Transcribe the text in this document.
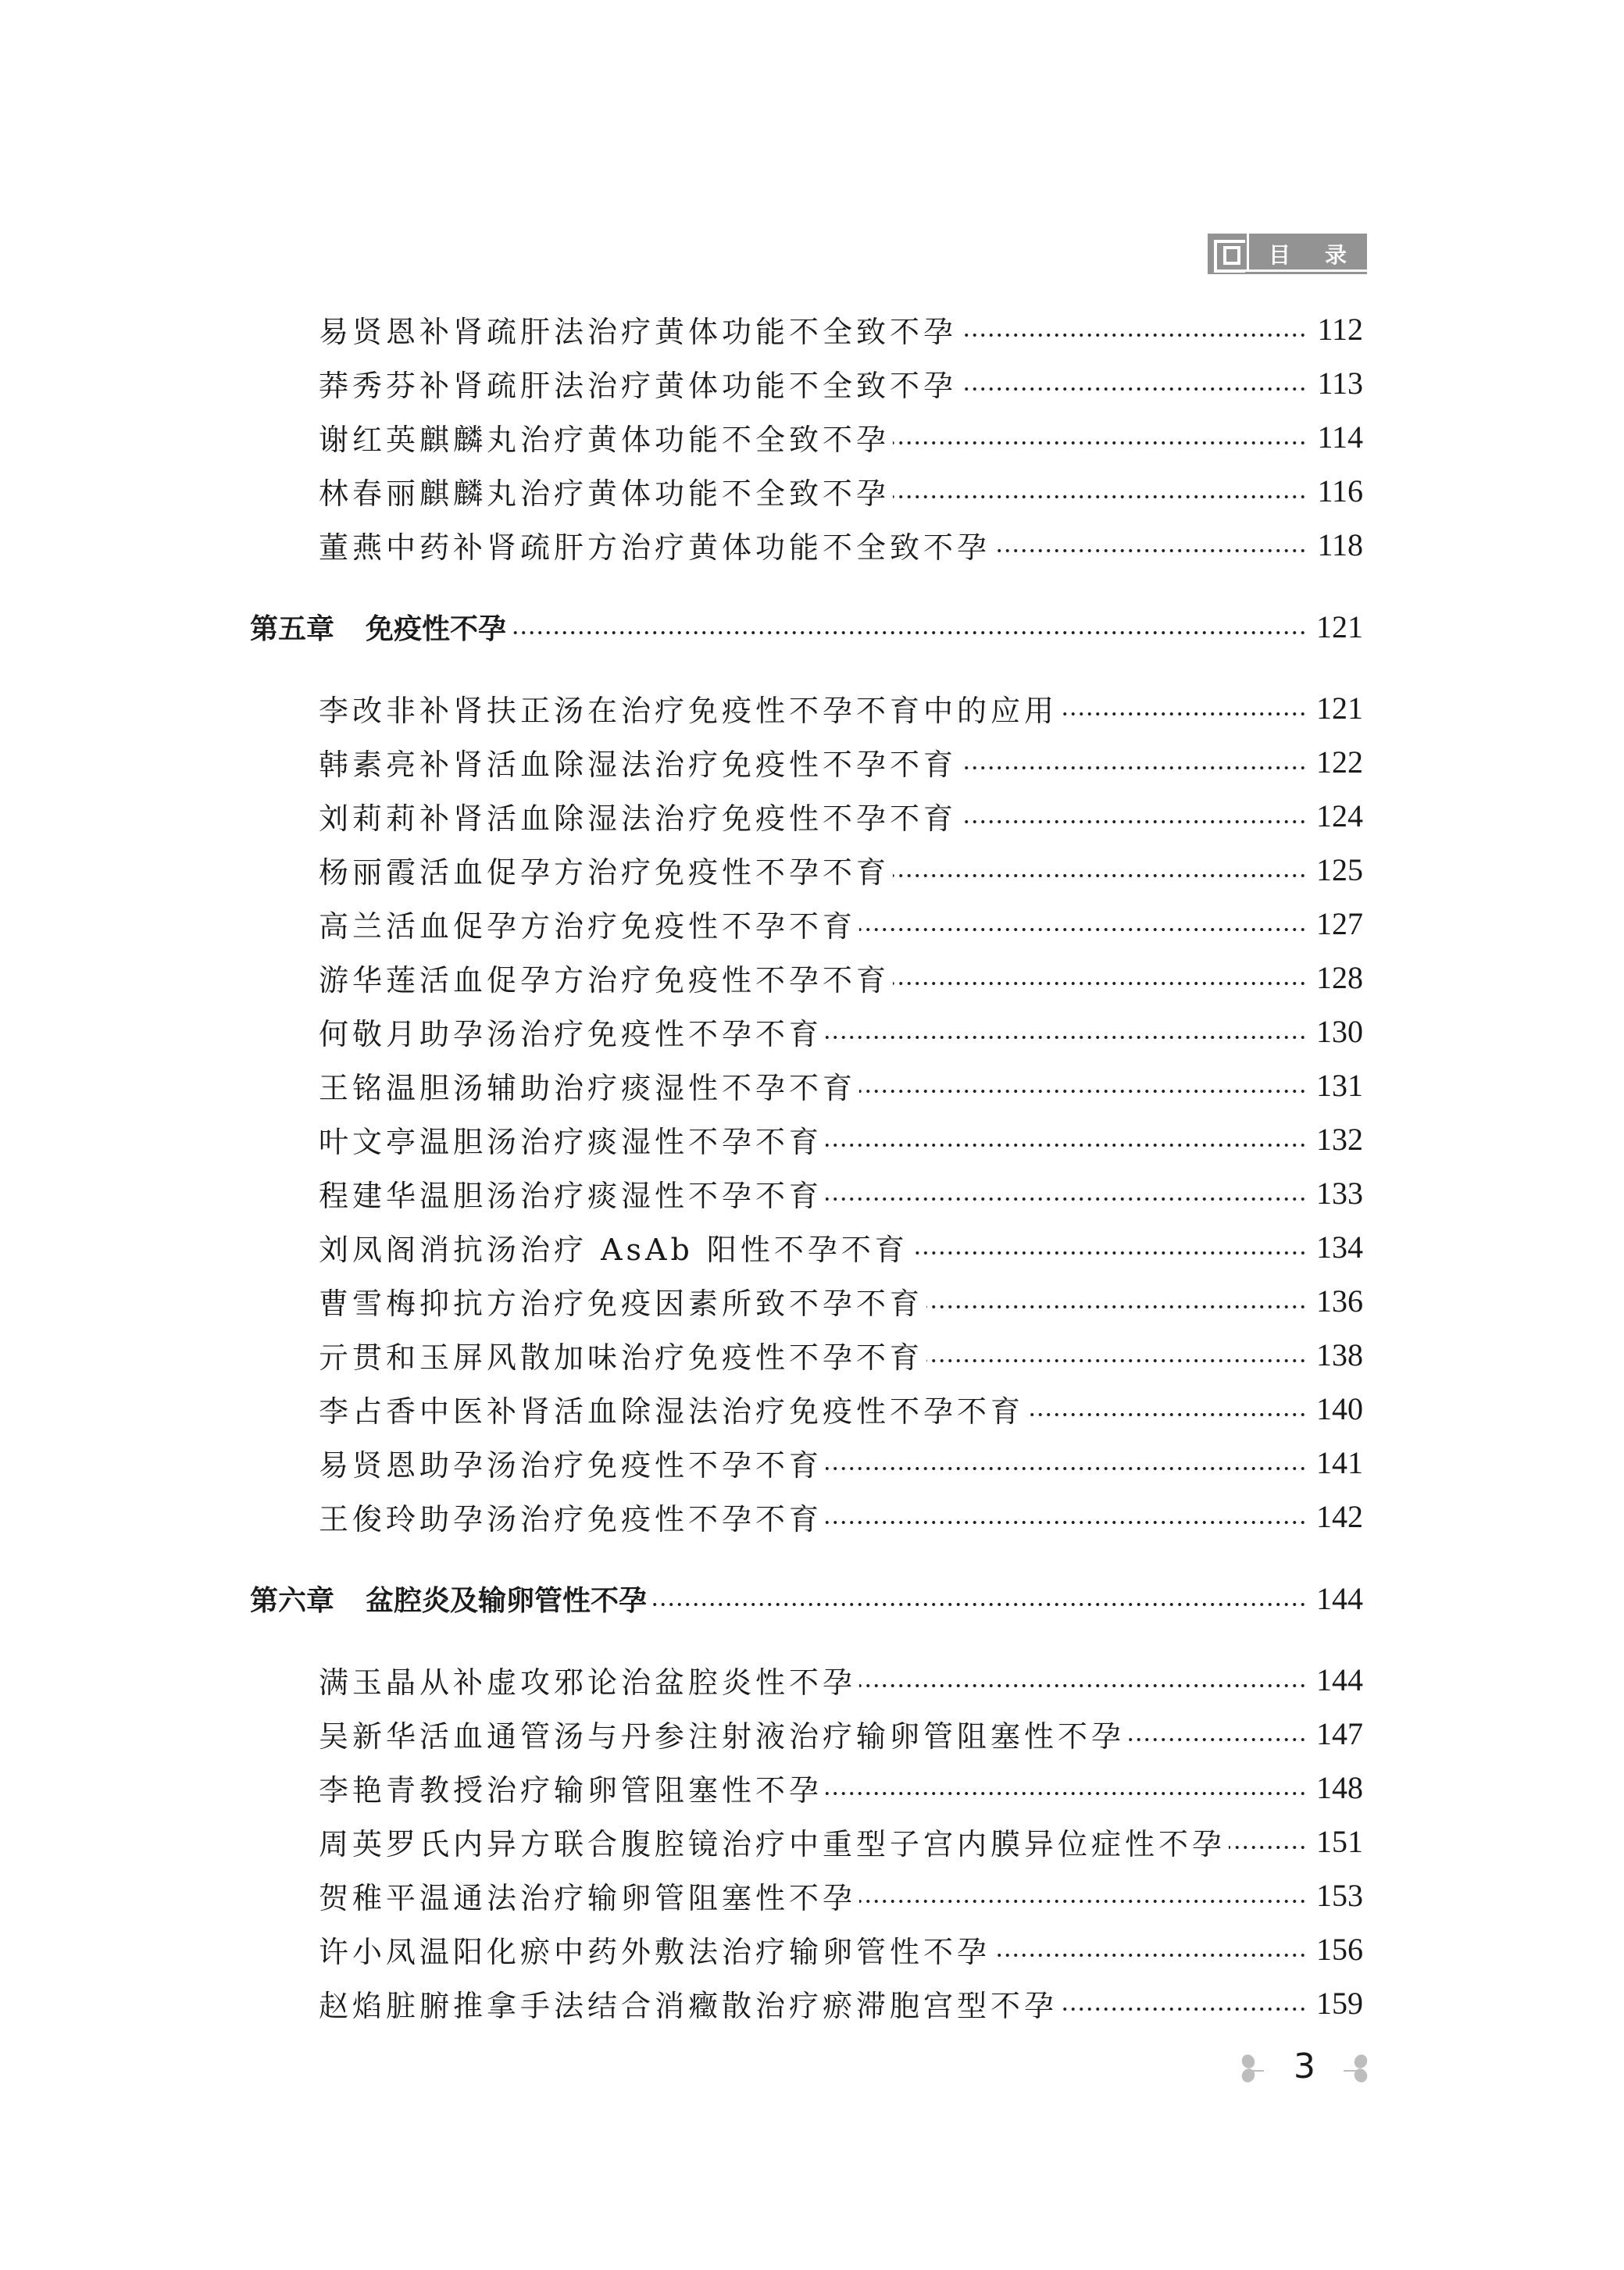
目 录
易贤恩补肾疏肝法治疗黄体功能不全致不孕	112
莽秀芬补肾疏肝法治疗黄体功能不全致不孕	113
谢红英麒麟丸治疗黄体功能不全致不孕	114
林春丽麒麟丸治疗黄体功能不全致不孕	116
董燕中药补肾疏肝方治疗黄体功能不全致不孕	118
第五章 免疫性不孕	121
李改非补肾扶正汤在治疗免疫性不孕不育中的应用	121
韩素亮补肾活血除湿法治疗免疫性不孕不育	122
刘莉莉补肾活血除湿法治疗免疫性不孕不育	124
杨丽霞活血促孕方治疗免疫性不孕不育	125
高兰活血促孕方治疗免疫性不孕不育	127
游华莲活血促孕方治疗免疫性不孕不育	128
何敬月助孕汤治疗免疫性不孕不育	130
王铭温胆汤辅助治疗痰湿性不孕不育	131
叶文亭温胆汤治疗痰湿性不孕不育	132
程建华温胆汤治疗痰湿性不孕不育	133
刘凤阁消抗汤治疗 AsAb 阳性不孕不育	134
曹雪梅抑抗方治疗免疫因素所致不孕不育	136
亓贯和玉屏风散加味治疗免疫性不孕不育	138
李占香中医补肾活血除湿法治疗免疫性不孕不育	140
易贤恩助孕汤治疗免疫性不孕不育	141
王俊玲助孕汤治疗免疫性不孕不育	142
第六章 盆腔炎及输卵管性不孕	144
满玉晶从补虚攻邪论治盆腔炎性不孕	144
吴新华活血通管汤与丹参注射液治疗输卵管阻塞性不孕	147
李艳青教授治疗输卵管阻塞性不孕	148
周英罗氏内异方联合腹腔镜治疗中重型子宫内膜异位症性不孕	151
贺稚平温通法治疗输卵管阻塞性不孕	153
许小凤温阳化瘀中药外敷法治疗输卵管性不孕	156
赵焰脏腑推拿手法结合消癥散治疗瘀滞胞宫型不孕	159
3
